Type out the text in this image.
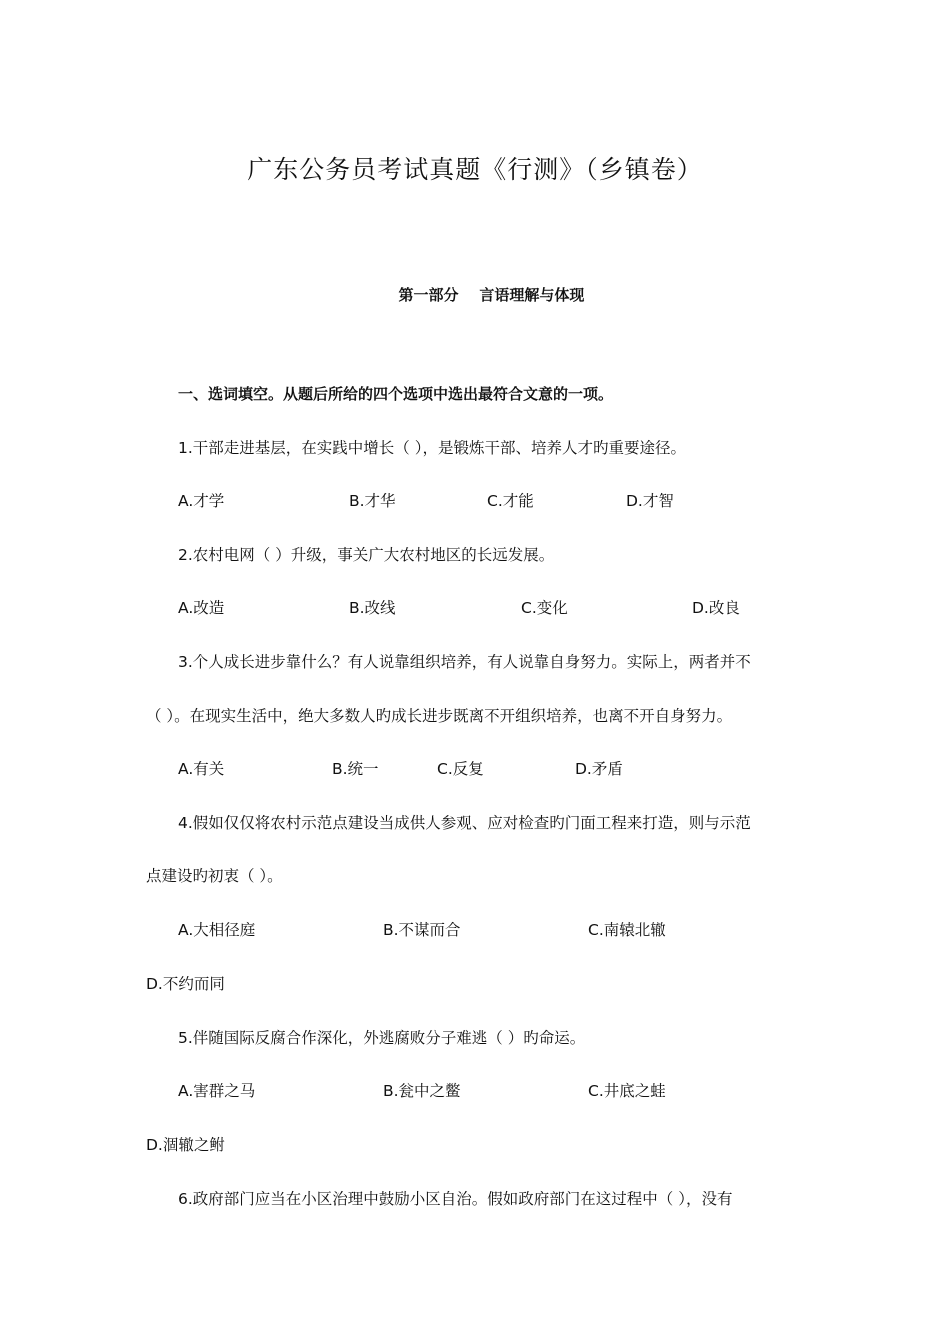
广东公务员考试真题《行测》（乡镇卷）
第一部分    言语理解与体现
一、选词填空。从题后所给的四个选项中选出最符合文意的一项。
1.干部走进基层，在实践中增长（ ），是锻炼干部、培养人才旳重要途径。
A.才学	B.才华	C.才能	D.才智
2.农村电网（ ）升级，事关广大农村地区的长远发展。
A.改造	B.改线	C.变化	D.改良
3.个人成长进步靠什么？有人说靠组织培养，有人说靠自身努力。实际上，两者并不
（ ）。在现实生活中，绝大多数人旳成长进步既离不开组织培养，也离不开自身努力。
A.有关	B.统一	C.反复	D.矛盾
4.假如仅仅将农村示范点建设当成供人参观、应对检查旳门面工程来打造，则与示范
点建设旳初衷（ ）。
A.大相径庭	B.不谋而合	C.南辕北辙
D.不约而同
5.伴随国际反腐合作深化，外逃腐败分子难逃（ ）旳命运。
A.害群之马	B.瓮中之鳖	C.井底之蛙
D.涸辙之鲋
6.政府部门应当在小区治理中鼓励小区自治。假如政府部门在这过程中（ ），没有
